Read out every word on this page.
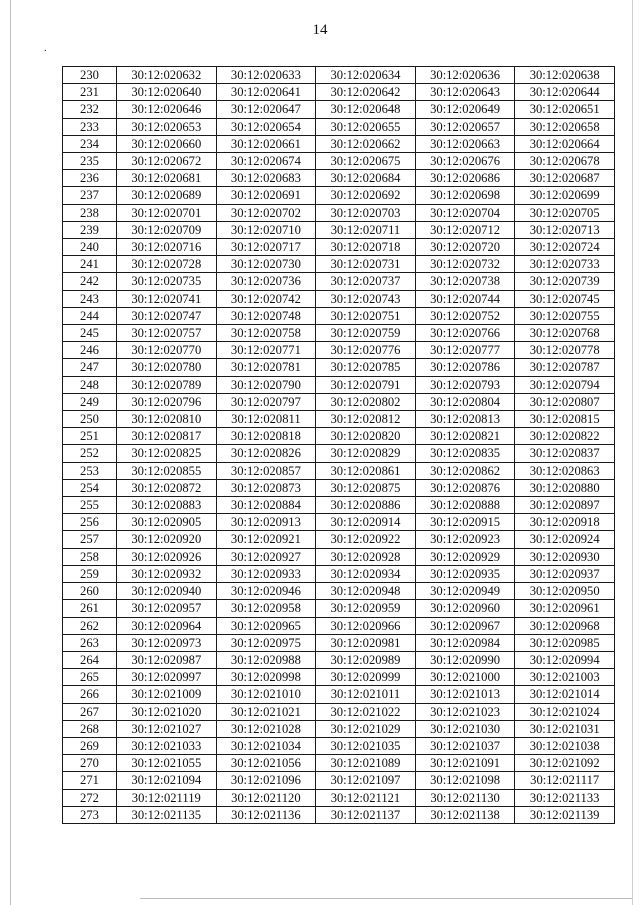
14
.
230	30:12:020632	30:12:020633	30:12:020634	30:12:020636	30:12:020638
231	30:12:020640	30:12:020641	30:12:020642	30:12:020643	30:12:020644
232	30:12:020646	30:12:020647	30:12:020648	30:12:020649	30:12:020651
233	30:12:020653	30:12:020654	30:12:020655	30:12:020657	30:12:020658
234	30:12:020660	30:12:020661	30:12:020662	30:12:020663	30:12:020664
235	30:12:020672	30:12:020674	30:12:020675	30:12:020676	30:12:020678
236	30:12:020681	30:12:020683	30:12:020684	30:12:020686	30:12:020687
237	30:12:020689	30:12:020691	30:12:020692	30:12:020698	30:12:020699
238	30:12:020701	30:12:020702	30:12:020703	30:12:020704	30:12:020705
239	30:12:020709	30:12:020710	30:12:020711	30:12:020712	30:12:020713
240	30:12:020716	30:12:020717	30:12:020718	30:12:020720	30:12:020724
241	30:12:020728	30:12:020730	30:12:020731	30:12:020732	30:12:020733
242	30:12:020735	30:12:020736	30:12:020737	30:12:020738	30:12:020739
243	30:12:020741	30:12:020742	30:12:020743	30:12:020744	30:12:020745
244	30:12:020747	30:12:020748	30:12:020751	30:12:020752	30:12:020755
245	30:12:020757	30:12:020758	30:12:020759	30:12:020766	30:12:020768
246	30:12:020770	30:12:020771	30:12:020776	30:12:020777	30:12:020778
247	30:12:020780	30:12:020781	30:12:020785	30:12:020786	30:12:020787
248	30:12:020789	30:12:020790	30:12:020791	30:12:020793	30:12:020794
249	30:12:020796	30:12:020797	30:12:020802	30:12:020804	30:12:020807
250	30:12:020810	30:12:020811	30:12:020812	30:12:020813	30:12:020815
251	30:12:020817	30:12:020818	30:12:020820	30:12:020821	30:12:020822
252	30:12:020825	30:12:020826	30:12:020829	30:12:020835	30:12:020837
253	30:12:020855	30:12:020857	30:12:020861	30:12:020862	30:12:020863
254	30:12:020872	30:12:020873	30:12:020875	30:12:020876	30:12:020880
255	30:12:020883	30:12:020884	30:12:020886	30:12:020888	30:12:020897
256	30:12:020905	30:12:020913	30:12:020914	30:12:020915	30:12:020918
257	30:12:020920	30:12:020921	30:12:020922	30:12:020923	30:12:020924
258	30:12:020926	30:12:020927	30:12:020928	30:12:020929	30:12:020930
259	30:12:020932	30:12:020933	30:12:020934	30:12:020935	30:12:020937
260	30:12:020940	30:12:020946	30:12:020948	30:12:020949	30:12:020950
261	30:12:020957	30:12:020958	30:12:020959	30:12:020960	30:12:020961
262	30:12:020964	30:12:020965	30:12:020966	30:12:020967	30:12:020968
263	30:12:020973	30:12:020975	30:12:020981	30:12:020984	30:12:020985
264	30:12:020987	30:12:020988	30:12:020989	30:12:020990	30:12:020994
265	30:12:020997	30:12:020998	30:12:020999	30:12:021000	30:12:021003
266	30:12:021009	30:12:021010	30:12:021011	30:12:021013	30:12:021014
267	30:12:021020	30:12:021021	30:12:021022	30:12:021023	30:12:021024
268	30:12:021027	30:12:021028	30:12:021029	30:12:021030	30:12:021031
269	30:12:021033	30:12:021034	30:12:021035	30:12:021037	30:12:021038
270	30:12:021055	30:12:021056	30:12:021089	30:12:021091	30:12:021092
271	30:12:021094	30:12:021096	30:12:021097	30:12:021098	30:12:021117
272	30:12:021119	30:12:021120	30:12:021121	30:12:021130	30:12:021133
273	30:12:021135	30:12:021136	30:12:021137	30:12:021138	30:12:021139
